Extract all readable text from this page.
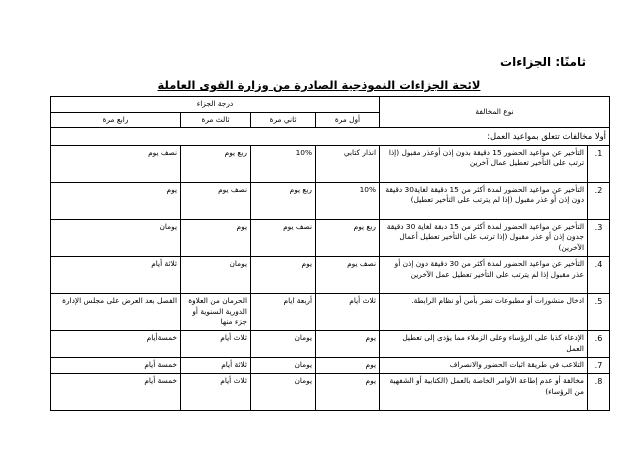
ثامنًا: الجزاءات
لائحة الجزاءات النموذجية الصادرة من وزارة القوى العاملة
نوع المخالفة		درجة الجزاء			
		أول مرة	ثاني مرة	ثالث مرة	رابع مرة
أولا مخالفات تتعلق بمواعيد العمل:					
1.	التأخير عن مواعيد الحضور 15 دقيقة بدون إذن أوعذر مقبول (إذا ترتب على التأخير تعطيل عمال آخرين	انذار كتابي	10%	ربع يوم	نصف يوم
2.	التأخير عن مواعيد الحضور لمدة أكثر من 15 دقيقة لغاية30 دقيقة دون إذن أو عذر مقبول (إذا لم يترتب على التأخير تعطيل)	10%	ربع يوم	نصف يوم	يوم
3.	التأخير عن مواعيد الحضور لمدة أكثر من 15 دبقة لغاية 30 دقيقة جدون إذن أو عذر مقبول (إذا ترتب على التأخير تعطيل أعمال الآخرين)	ربع يوم	نصف يوم	يوم	يومان
4.	التأخير عن مواعيد الحضور لمدة أكثر من 30 دقيقة دون إذن أو عذر مقبول إذا لم يترتب على التأخير تعطيل عمل الآخرين	نصف يوم	يوم	يومان	ثلاثة أيام
5.	ادخال منشورات أو مطبوعات تضر بأمن أو نظام الرابطة.	ثلاث أيام	أربعة ايام	الحرمان من العلاوة الدورية السنوية أو جزء منها	الفصل بعد العرض على مجلس الإدارة
6.	الإدعاء كذبا على الرؤساء وعلى الزملاء مما يؤدى إلى تعطيل العمل	يوم	يومان	ثلاث أيام	خمسةأيام
7.	التلاعب في طريقة اثبات الحضور والانصراف	يوم	يومان	ثلاثة أيام	خمسة أيام
8.	مخالفة أو عدم إطاعة الأوامر الخاصة بالعمل (الكتابية أو الشفهية من الرؤساء)	يوم	يومان	ثلاث أيام	خمسة أيام
